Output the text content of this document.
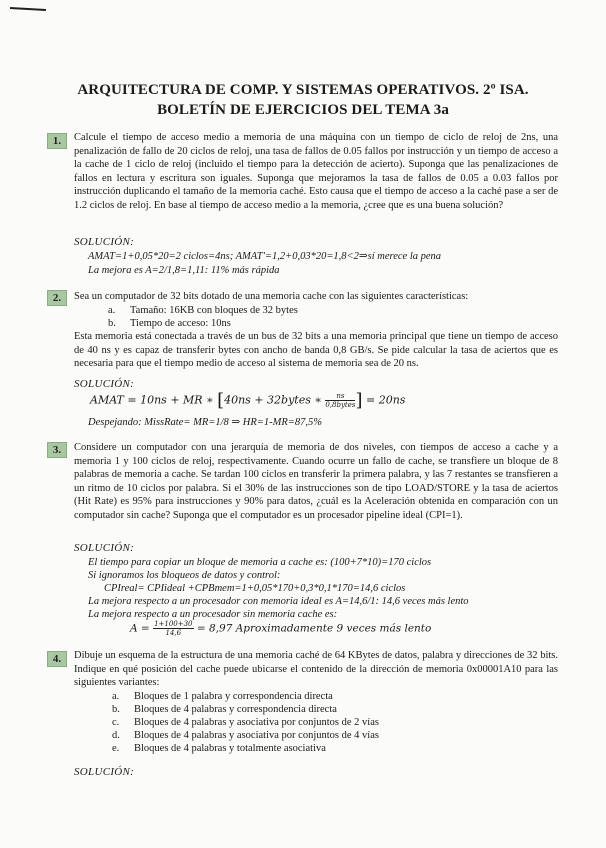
ARQUITECTURA DE COMP. Y SISTEMAS OPERATIVOS. 2º ISA.
BOLETÍN DE EJERCICIOS DEL TEMA 3a
1.	Calcule el tiempo de acceso medio a memoria de una máquina con un tiempo de ciclo de reloj de 2ns, una penalización de fallo de 20 ciclos de reloj, una tasa de fallos de 0.05 fallos por instrucción y un tiempo de acceso a la cache de 1 ciclo de reloj (incluido el tiempo para la detección de acierto). Suponga que las penalizaciones de fallos en lectura y escritura son iguales. Suponga que mejoramos la tasa de fallos de 0.05 a 0.03 fallos por instrucción duplicando el tamaño de la memoria caché. Esto causa que el tiempo de acceso a la caché pase a ser de 1.2 ciclos de reloj. En base al tiempo de acceso medio a la memoria, ¿cree que es una buena solución?
SOLUCIÓN:
AMAT=1+0,05*20=2 ciclos=4ns; AMAT'=1,2+0,03*20=1,8<2⇒sí merece la pena
La mejora es A=2/1,8=1,11: 11% más rápida
2.	Sea un computador de 32 bits dotado de una memoria cache con las siguientes características:
a. Tamaño: 16KB con bloques de 32 bytes
b. Tiempo de acceso: 10ns
Esta memoria está conectada a través de un bus de 32 bits a una memoria principal que tiene un tiempo de acceso de 40 ns y es capaz de transferir bytes con ancho de banda 0,8 GB/s. Se pide calcular la tasa de aciertos que es necesaria para que el tiempo medio de acceso al sistema de memoria sea de 20 ns.
SOLUCIÓN:
AMAT = 10ns + MR ∗ [40ns + 32bytes ∗ $\frac{ns}{\text{0,8bytes}}$ ] = 20ns
Despejando: MissRate= MR=1/8 ⇒ HR=1-MR=87,5%
3.	Considere un computador con una jerarquía de memoria de dos niveles, con tiempos de acceso a cache y a memoria 1 y 100 ciclos de reloj, respectivamente. Cuando ocurre un fallo de cache, se transfiere un bloque de 8 palabras de memoria a cache. Se tardan 100 ciclos en transferir la primera palabra, y las 7 restantes se transfieren a un ritmo de 10 ciclos por palabra. Si el 30% de las instrucciones son de tipo LOAD/STORE y la tasa de aciertos (Hit Rate) es 95% para instrucciones y 90% para datos, ¿cuál es la Aceleración obtenida en comparación con un computador sin cache? Suponga que el computador es un procesador pipeline ideal (CPI=1).
SOLUCIÓN:
El tiempo para copiar un bloque de memoria a cache es: (100+7*10)=170 ciclos
Si ignoramos los bloqueos de datos y control:
CPIreal= CPIideal +CPBmem=1+0,05*170+0,3*0,1*170=14,6 ciclos
La mejora respecto a un procesador con memoria ideal es A=14,6/1: 14,6 veces más lento
La mejora respecto a un procesador sin memoria cache es:
$A = \frac{1+100+30}{14,6} = 8,97$ Aproximadamente 9 veces más lento
4.	Dibuje un esquema de la estructura de una memoria caché de 64 KBytes de datos, palabra y direcciones de 32 bits. Indique en qué posición del cache puede ubicarse el contenido de la dirección de memoria 0x00001A10 para las siguientes variantes:
a. Bloques de 1 palabra y correspondencia directa
b. Bloques de 4 palabras y correspondencia directa
c. Bloques de 4 palabras y asociativa por conjuntos de 2 vías
d. Bloques de 4 palabras y asociativa por conjuntos de 4 vías
e. Bloques de 4 palabras y totalmente asociativa
SOLUCIÓN:
